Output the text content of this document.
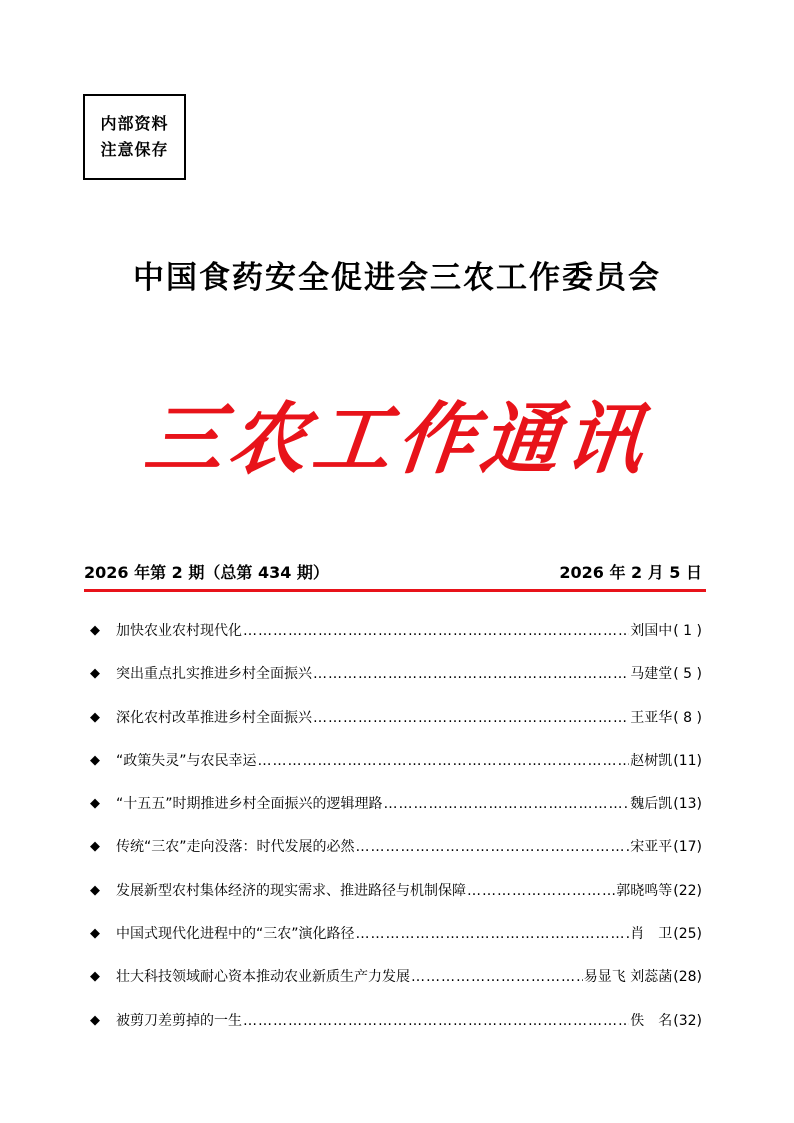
内部资料
注意保存
中国食药安全促进会三农工作委员会
三农工作通讯
2026 年第 2 期（总第 434 期）	2026 年 2 月 5 日
◆	加快农业农村现代化 ……………………………………………………………………………………………………………………………………	刘国中 ( 1 )
◆	突出重点扎实推进乡村全面振兴 ……………………………………………………………………………………………………………………………………	马建堂 ( 5 )
◆	深化农村改革推进乡村全面振兴 ……………………………………………………………………………………………………………………………………	王亚华 ( 8 )
◆	“政策失灵”与农民幸运 ……………………………………………………………………………………………………………………………………	赵树凯 (11)
◆	“十五五”时期推进乡村全面振兴的逻辑理路 ……………………………………………………………………………………………………………………………………	魏后凯 (13)
◆	传统“三农”走向没落：时代发展的必然 ……………………………………………………………………………………………………………………………………	宋亚平 (17)
◆	发展新型农村集体经济的现实需求、推进路径与机制保障 ……………………………………………………………………………………………………………………………………	郭晓鸣等 (22)
◆	中国式现代化进程中的“三农”演化路径 ……………………………………………………………………………………………………………………………………	肖　卫 (25)
◆	壮大科技领域耐心资本推动农业新质生产力发展 ……………………………………………………………………………………………………………………………………	易显飞 刘蕊菡 (28)
◆	被剪刀差剪掉的一生 ……………………………………………………………………………………………………………………………………	佚　名 (32)
